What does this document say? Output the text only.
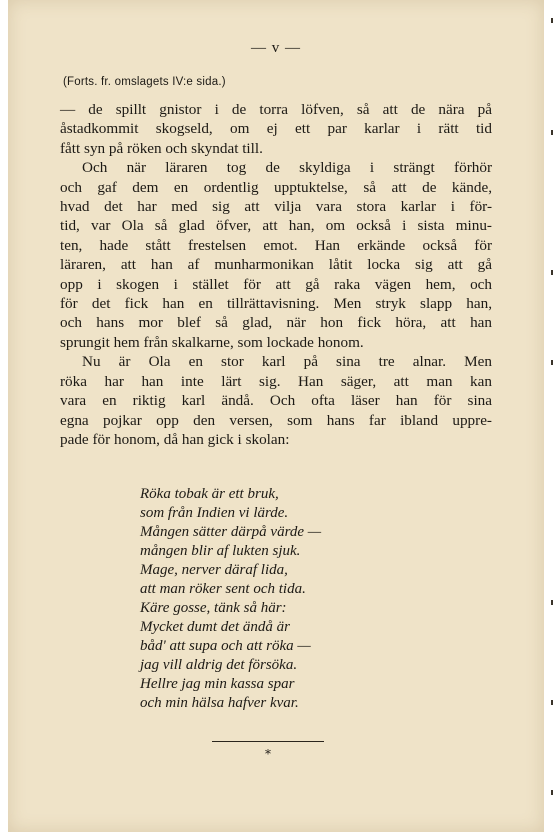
— v —
(Forts. fr. omslagets IV:e sida.)

— de spillt gnistor i de torra löfven, så att de nära på
åstadkommit skogseld, om ej ett par karlar i rätt tid
fått syn på röken och skyndat till.

Och när läraren tog de skyldiga i strängt förhör
och gaf dem en ordentlig upptuktelse, så att de kände,
hvad det har med sig att vilja vara stora karlar i för-
tid, var Ola så glad öfver, att han, om också i sista minu-
ten, hade stått frestelsen emot. Han erkände också för
läraren, att han af munharmonikan låtit locka sig att gå
opp i skogen i stället för att gå raka vägen hem, och
för det fick han en tillrättavisning. Men stryk slapp han,
och hans mor blef så glad, när hon fick höra, att han
sprungit hem från skalkarne, som lockade honom.

Nu är Ola en stor karl på sina tre alnar. Men
röka har han inte lärt sig. Han säger, att man kan
vara en riktig karl ändå. Och ofta läser han för sina
egna pojkar opp den versen, som hans far ibland uppre-
pade för honom, då han gick i skolan:

Röka tobak är ett bruk,
som från Indien vi lärde.
Mången sätter därpå värde —
mången blir af lukten sjuk.
Mage, nerver däraf lida,
att man röker sent och tida.
Käre gosse, tänk så här:
Mycket dumt det ändå är
båd' att supa och att röka —
jag vill aldrig det försöka.
Hellre jag min kassa spar
och min hälsa hafver kvar.
⁎
